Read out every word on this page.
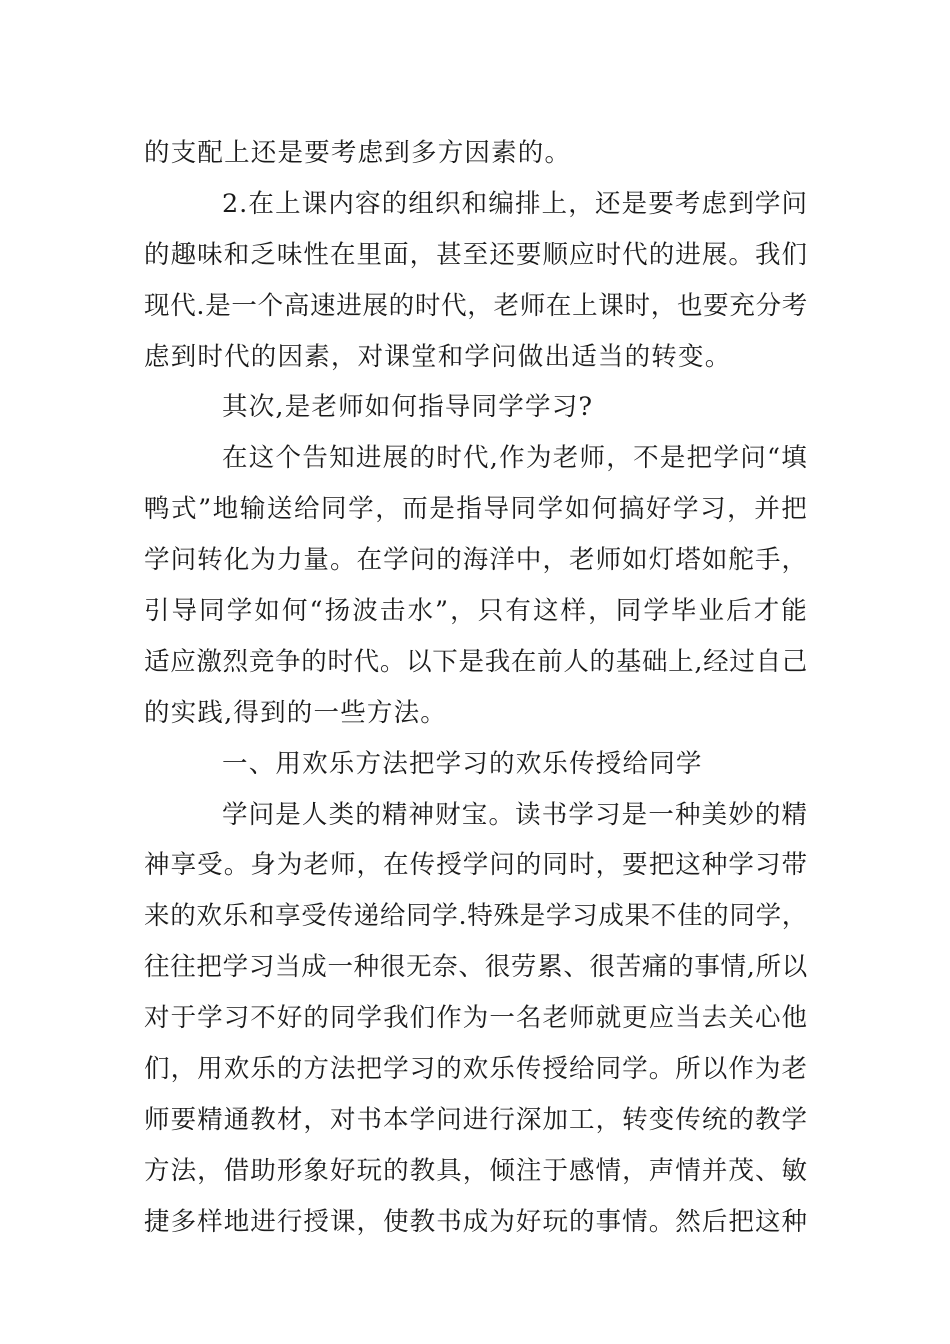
的支配上还是要考虑到多方因素的。
2.在上课内容的组织和编排上，还是要考虑到学问
的趣味和乏味性在里面，甚至还要顺应时代的进展。我们
现代.是一个高速进展的时代，老师在上课时，也要充分考
虑到时代的因素，对课堂和学问做出适当的转变。
其次,是老师如何指导同学学习?
在这个告知进展的时代,作为老师，不是把学问“填
鸭式”地输送给同学，而是指导同学如何搞好学习，并把
学问转化为力量。在学问的海洋中，老师如灯塔如舵手，
引导同学如何“扬波击水”，只有这样，同学毕业后才能
适应激烈竞争的时代。以下是我在前人的基础上,经过自己
的实践,得到的一些方法。
一、用欢乐方法把学习的欢乐传授给同学
学问是人类的精神财宝。读书学习是一种美妙的精
神享受。身为老师，在传授学问的同时，要把这种学习带
来的欢乐和享受传递给同学.特殊是学习成果不佳的同学，
往往把学习当成一种很无奈、很劳累、很苦痛的事情,所以
对于学习不好的同学我们作为一名老师就更应当去关心他
们，用欢乐的方法把学习的欢乐传授给同学。所以作为老
师要精通教材，对书本学问进行深加工，转变传统的教学
方法，借助形象好玩的教具，倾注于感情，声情并茂、敏
捷多样地进行授课，使教书成为好玩的事情。然后把这种
